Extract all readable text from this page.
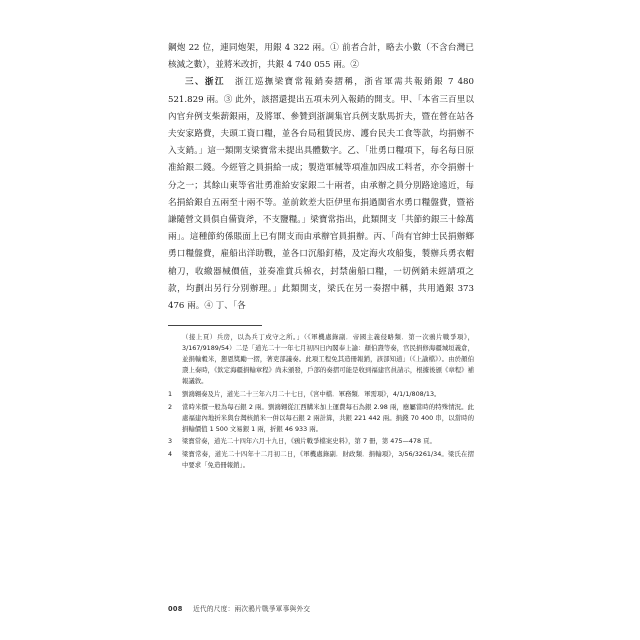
鋼炮 22 位，連同炮架，用銀 4 322 兩。① 前者合計，略去小數（不含台灣已核減之數），並將米改折，共銀 4 740 055 兩。②

三、浙江　 浙江巡撫梁寶常報銷奏摺稱，浙省軍需共報銷銀 7 480 521.829 兩。③ 此外，該摺還提出五項未列入報銷的開支。甲、「本省三百里以內官弁例支柴薪銀兩，及將軍、參贊到浙調集官兵例支馱馬折夫，暨在營在站各夫安家路費，夫頭工資口糧，並各台局租賃民房、護台民夫工食等款，均捐辦不入支銷。」這一類開支梁寶常未提出具體數字。乙、「壯勇口糧項下，每名每日原准給銀二錢。今經管之員捐給一成；製造軍械等項准加四成工料者，亦令捐辦十分之一；其餘山東等省壯勇准給安家銀二十兩者，由承辦之員分別路途遠近，每名捐給銀自五兩至十兩不等。並前欽差大臣伊里布捐過閩省水勇口糧盤費，暨裕謙隨營文員俱自備資斧，不支鹽糧。」梁寶常指出，此類開支「共節約銀三十餘萬兩」。這種節約係賬面上已有開支而由承辦官員捐辦。丙、「尚有官紳士民捐辦鄉勇口糧盤費，雇船出洋助戰，並各口沉船釘樁，及定海火攻船隻，製辦兵勇衣帽槍刀，收繳器械價值，並奏准賞兵棉衣，封禁歯船口糧，一切例銷未經請項之款，均劃出另行分別辦理。」此類開支，梁氏在另一奏摺中稱，共用過銀 373 476 兩。④ 丁、「各

（接上頁）兵房，以為兵丁戍守之所。」（《軍機處錄副．帝國主義侵略類．第一次鴉片戰爭項》，3/167/9189/54）二是「道光二十一年七月初四日內閣奉上諭：顏伯燾等奏，官民捐修海疆城垣義倉，並捐輸穀米，懇恩獎勵一摺，著吏部議奏。此項工程免其造冊報銷，該部知道」（《上諭檔》）。由於顏伯燾上奏時，《欽定海疆捐輸章程》尚未頒發，戶部的奏摺可能是收到福建官員請示，根據後頒《章程》補報議敘。
1	劉鴻翱奏及片，道光二十三年六月二十七日，《宮中檔．軍務類．軍需項》，4/1/1/808/13。
2	當時米價一般為每石銀 2 兩。劉鴻翱從江西購米加上運費每石為銀 2.98 兩，應屬當時的特殊情況。此處福建內地折米與台灣核銷米一併以每石銀 2 兩計算，共銀 221 442 兩。捐錢 70 400 串，以當時的捐輸價值 1 500 文易銀 1 兩，折銀 46 933 兩。
3	梁寶常奏，道光二十四年六月十九日，《鴉片戰爭檔案史料》，第 7 冊，第 475—478 頁。
4	梁寶常奏，道光二十四年十二月初二日，《軍機處錄副．財政類．捐輸項》，3/56/3261/34。梁氏在摺中要求「免造冊報銷」。
008 近代的尺度：兩次鴉片戰爭軍事與外交
